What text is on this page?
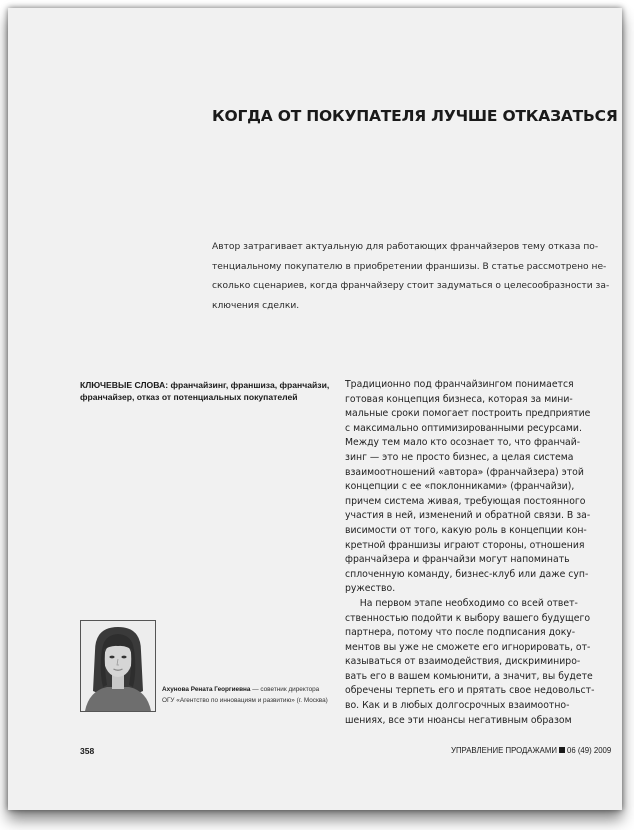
КОГДА ОТ ПОКУПАТЕЛЯ ЛУЧШЕ ОТКАЗАТЬСЯ
Автор затрагивает актуальную для работающих франчайзеров тему отказа по-
тенциальному покупателю в приобретении франшизы. В статье рассмотрено не-
сколько сценариев, когда франчайзеру стоит задуматься о целесообразности за-
ключения сделки.
КЛЮЧЕВЫЕ СЛОВА: франчайзинг, франшиза, франчайзи,
франчайзер, отказ от потенциальных покупателей
Традиционно под франчайзингом понимается
готовая концепция бизнеса, которая за мини-
мальные сроки помогает построить предприятие
с максимально оптимизированными ресурсами.
Между тем мало кто осознает то, что франчай-
зинг — это не просто бизнес, а целая система
взаимоотношений «автора» (франчайзера) этой
концепции с ее «поклонниками» (франчайзи),
причем система живая, требующая постоянного
участия в ней, изменений и обратной связи. В за-
висимости от того, какую роль в концепции кон-
кретной франшизы играют стороны, отношения
франчайзера и франчайзи могут напоминать
сплоченную команду, бизнес-клуб или даже суп-
ружество.
На первом этапе необходимо со всей ответ-
ственностью подойти к выбору вашего будущего
партнера, потому что после подписания доку-
ментов вы уже не сможете его игнорировать, от-
казываться от взаимодействия, дискриминиро-
вать его в вашем комьюнити, а значит, вы будете
обречены терпеть его и прятать свое недовольст-
во. Как и в любых долгосрочных взаимоотно-
шениях, все эти нюансы негативным образом
Ахунова Рената Георгиевна — советник директора
ОГУ «Агентство по инновациям и развитию» (г. Москва)
358	УПРАВЛЕНИЕ ПРОДАЖАМИ 06 (49) 2009
